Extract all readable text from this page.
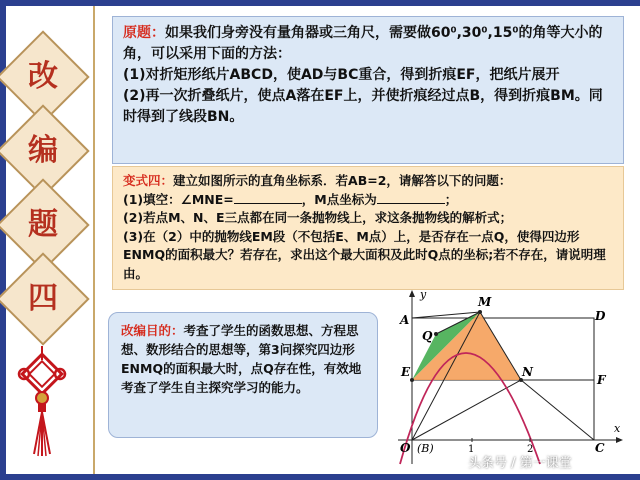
改
编
题
四
原题：如果我们身旁没有量角器或三角尺，需要做60⁰,30⁰,15⁰的角等大小的角，可以采用下面的方法：
(1)对折矩形纸片ABCD，使AD与BC重合，得到折痕EF，把纸片展开
(2)再一次折叠纸片，使点A落在EF上，并使折痕经过点B，得到折痕BM。同时得到了线段BN。
变式四：建立如图所示的直角坐标系．若AB=2，请解答以下的问题：
(1)填空：∠MNE=	，M点坐标为	；
(2)若点M、N、E三点都在同一条抛物线上，求这条抛物线的解析式；
(3)在（2）中的抛物线EM段（不包括E、M点）上，是否存在一点Q，使得四边形ENMQ的面积最大？若存在，求出这个最大面积及此时Q点的坐标;若不存在，请说明理由。
改编目的：考查了学生的函数思想、方程思想、数形结合的思想等，第3问探究四边形ENMQ的面积最大时，点Q存在性，有效地考查了学生自主探究学习的能力。
y
x
A
M
D
Q
E	N
F
O (B)	C
1	2
头条号 / 第一课堂
